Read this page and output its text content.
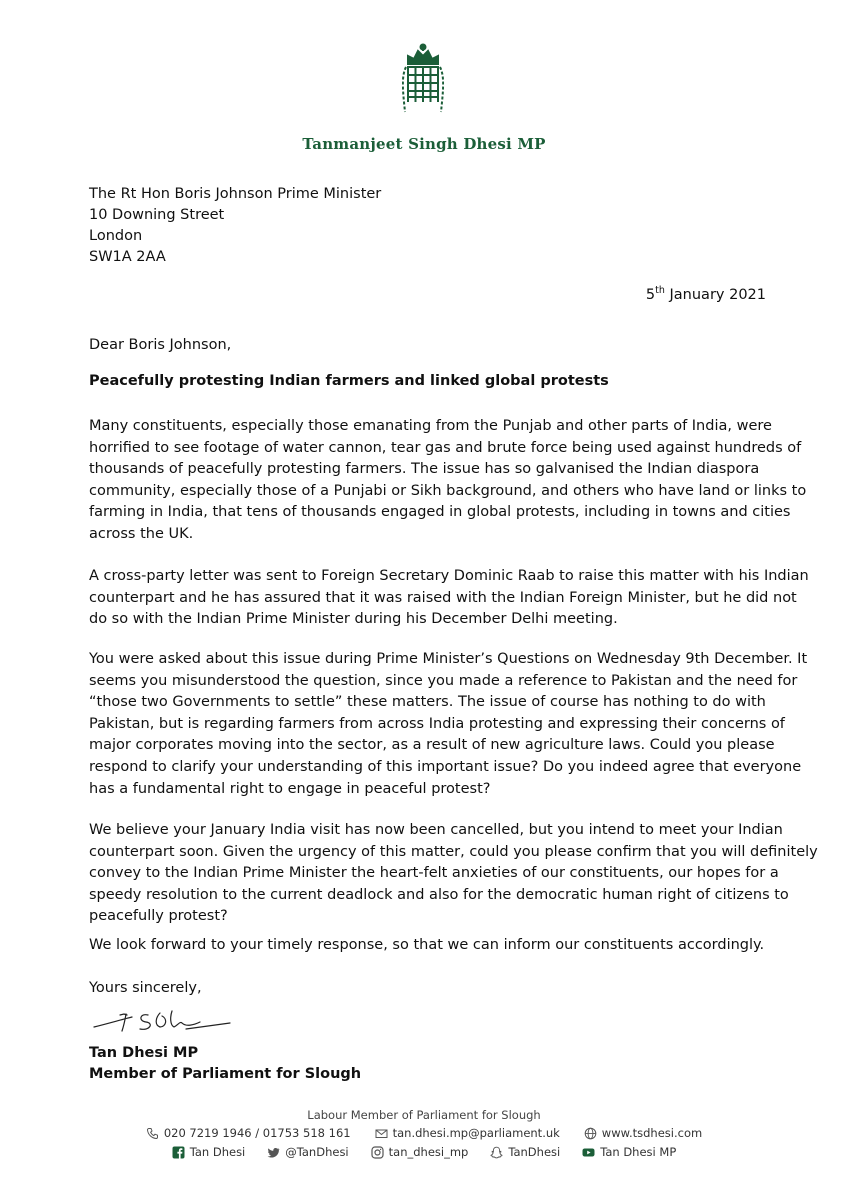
Tanmanjeet Singh Dhesi MP
The Rt Hon Boris Johnson Prime Minister
10 Downing Street
London
SW1A 2AA
5th January 2021
Dear Boris Johnson,
Peacefully protesting Indian farmers and linked global protests
Many constituents, especially those emanating from the Punjab and other parts of India, were
horrified to see footage of water cannon, tear gas and brute force being used against hundreds of
thousands of peacefully protesting farmers. The issue has so galvanised the Indian diaspora
community, especially those of a Punjabi or Sikh background, and others who have land or links to
farming in India, that tens of thousands engaged in global protests, including in towns and cities
across the UK.
A cross-party letter was sent to Foreign Secretary Dominic Raab to raise this matter with his Indian
counterpart and he has assured that it was raised with the Indian Foreign Minister, but he did not
do so with the Indian Prime Minister during his December Delhi meeting.
You were asked about this issue during Prime Minister’s Questions on Wednesday 9th December. It
seems you misunderstood the question, since you made a reference to Pakistan and the need for
“those two Governments to settle” these matters. The issue of course has nothing to do with
Pakistan, but is regarding farmers from across India protesting and expressing their concerns of
major corporates moving into the sector, as a result of new agriculture laws. Could you please
respond to clarify your understanding of this important issue? Do you indeed agree that everyone
has a fundamental right to engage in peaceful protest?
We believe your January India visit has now been cancelled, but you intend to meet your Indian
counterpart soon. Given the urgency of this matter, could you please confirm that you will definitely
convey to the Indian Prime Minister the heart-felt anxieties of our constituents, our hopes for a
speedy resolution to the current deadlock and also for the democratic human right of citizens to
peacefully protest?
We look forward to your timely response, so that we can inform our constituents accordingly.
Yours sincerely,
Tan Dhesi MP
Member of Parliament for Slough
Labour Member of Parliament for Slough
020 7219 1946 / 01753 518 161	tan.dhesi.mp@parliament.uk	www.tsdhesi.com
Tan Dhesi	@TanDhesi	tan_dhesi_mp	TanDhesi	Tan Dhesi MP
